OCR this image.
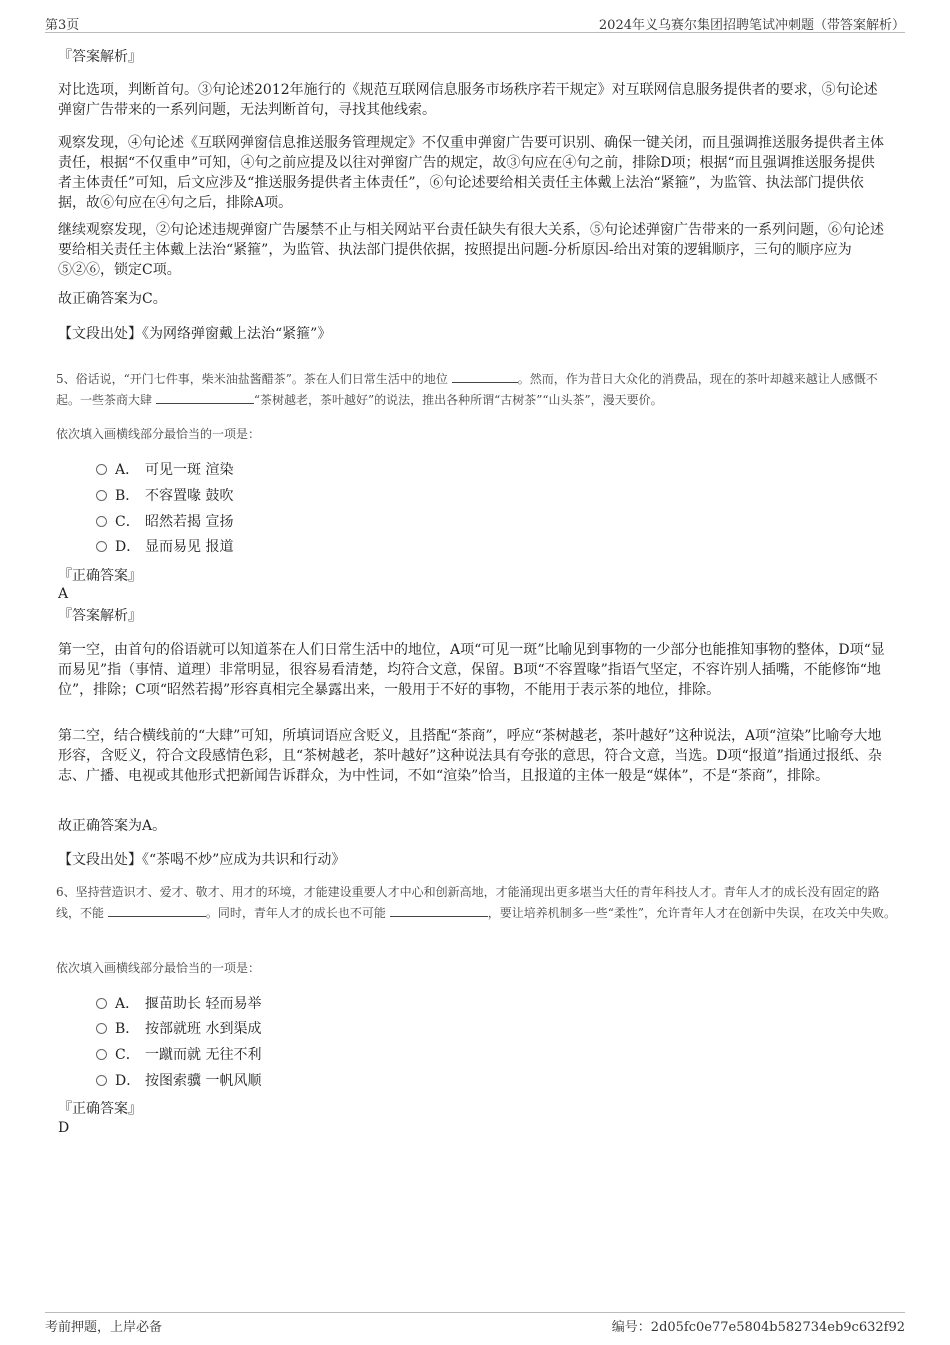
第3页	2024年义乌赛尔集团招聘笔试冲刺题（带答案解析）
『答案解析』
对比选项，判断首句。③句论述2012年施行的《规范互联网信息服务市场秩序若干规定》对互联网信息服务提供者的要求，⑤句论述弹窗广告带来的一系列问题，无法判断首句，寻找其他线索。
观察发现，④句论述《互联网弹窗信息推送服务管理规定》不仅重申弹窗广告要可识别、确保一键关闭，而且强调推送服务提供者主体责任，根据“不仅重申”可知，④句之前应提及以往对弹窗广告的规定，故③句应在④句之前，排除D项；根据“而且强调推送服务提供者主体责任”可知，后文应涉及“推送服务提供者主体责任”，⑥句论述要给相关责任主体戴上法治“紧箍”，为监管、执法部门提供依据，故⑥句应在④句之后，排除A项。
继续观察发现，②句论述违规弹窗广告屡禁不止与相关网站平台责任缺失有很大关系，⑤句论述弹窗广告带来的一系列问题，⑥句论述要给相关责任主体戴上法治“紧箍”，为监管、执法部门提供依据，按照提出问题-分析原因-给出对策的逻辑顺序，三句的顺序应为⑤②⑥，锁定C项。
故正确答案为C。
【文段出处】《为网络弹窗戴上法治“紧箍”》
5、俗话说，“开门七件事，柴米油盐酱醋茶”。茶在人们日常生活中的地位	。然而，作为昔日大众化的消费品，现在的茶叶却越来越让人感慨不起。一些茶商大肆	“茶树越老，茶叶越好”的说法，推出各种所谓“古树茶”“山头茶”，漫天要价。
依次填入画横线部分最恰当的一项是：
A． 可见一斑 渲染
B． 不容置喙 鼓吹
C． 昭然若揭 宣扬
D． 显而易见 报道
『正确答案』
A
『答案解析』
第一空，由首句的俗语就可以知道茶在人们日常生活中的地位，A项“可见一斑”比喻见到事物的一少部分也能推知事物的整体，D项“显而易见”指（事情、道理）非常明显，很容易看清楚，均符合文意，保留。B项“不容置喙”指语气坚定，不容许别人插嘴，不能修饰“地位”，排除；C项“昭然若揭”形容真相完全暴露出来，一般用于不好的事物，不能用于表示茶的地位，排除。
第二空，结合横线前的“大肆”可知，所填词语应含贬义，且搭配“茶商”，呼应“茶树越老，茶叶越好”这种说法，A项“渲染”比喻夸大地形容，含贬义，符合文段感情色彩，且“茶树越老，茶叶越好”这种说法具有夸张的意思，符合文意，当选。D项“报道”指通过报纸、杂志、广播、电视或其他形式把新闻告诉群众，为中性词，不如“渲染”恰当，且报道的主体一般是“媒体”，不是“茶商”，排除。
故正确答案为A。
【文段出处】《“茶喝不炒”应成为共识和行动》
6、坚持营造识才、爱才、敬才、用才的环境，才能建设重要人才中心和创新高地，才能涌现出更多堪当大任的青年科技人才。青年人才的成长没有固定的路线，不能	。同时，青年人才的成长也不可能	，要让培养机制多一些“柔性”，允许青年人才在创新中失误，在攻关中失败。
依次填入画横线部分最恰当的一项是：
A． 揠苗助长 轻而易举
B． 按部就班 水到渠成
C． 一蹴而就 无往不利
D． 按图索骥 一帆风顺
『正确答案』
D
考前押题，上岸必备	编号：2d05fc0e77e5804b582734eb9c632f92
